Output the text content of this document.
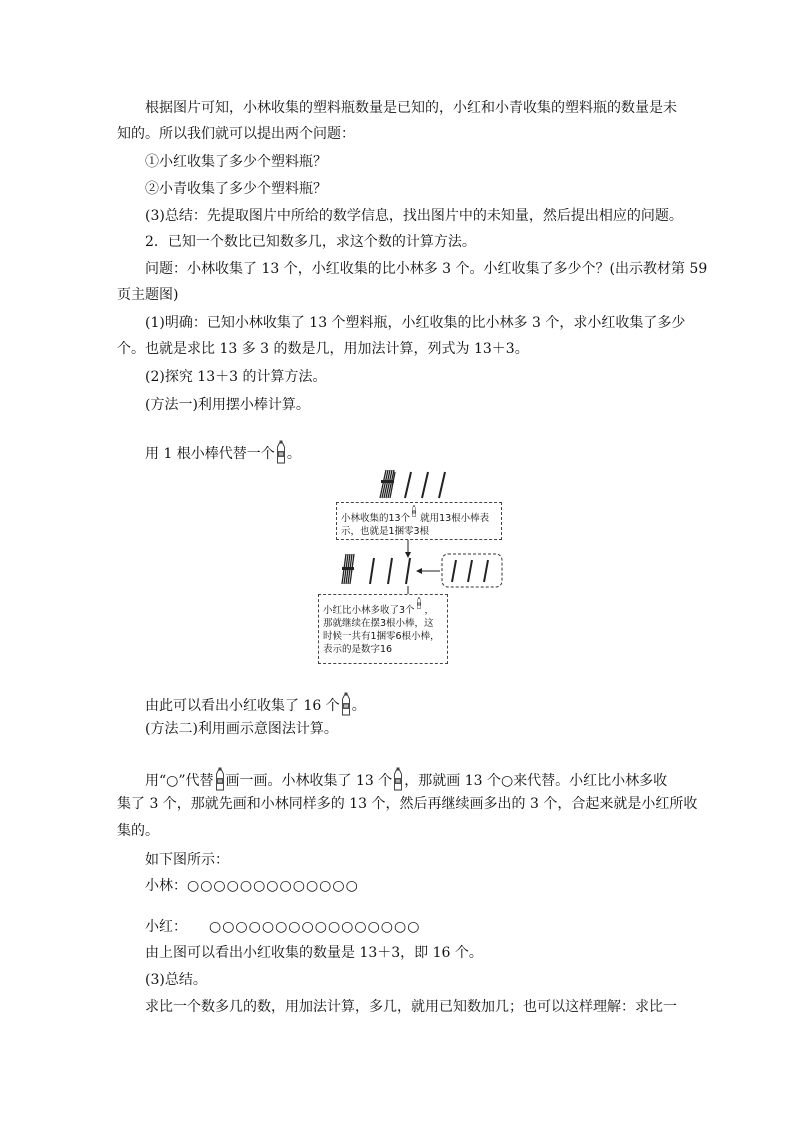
根据图片可知，小林收集的塑料瓶数量是已知的，小红和小青收集的塑料瓶的数量是未
知的。所以我们就可以提出两个问题：
①小红收集了多少个塑料瓶？
②小青收集了多少个塑料瓶？
(3)总结：先提取图片中所给的数学信息，找出图片中的未知量，然后提出相应的问题。
2．已知一个数比已知数多几，求这个数的计算方法。
问题：小林收集了 13 个，小红收集的比小林多 3 个。小红收集了多少个？(出示教材第 59
页主题图)
(1)明确：已知小林收集了 13 个塑料瓶，小红收集的比小林多 3 个，求小红收集了多少
个。也就是求比 13 多 3 的数是几，用加法计算，列式为 13＋3。
(2)探究 13＋3 的计算方法。
(方法一)利用摆小棒计算。
用 1 根小棒代替一个 。
小林收集的13个 就用13根小棒表示，也就是1捆零3根
小红比小林多收了3个 ，那就继续在摆3根小棒，这时候一共有1捆零6根小棒，表示的是数字16
由此可以看出小红收集了 16 个 。
(方法二)利用画示意图法计算。
用“○”代替 画一画。小林收集了 13 个 ，那就画 13 个○来代替。小红比小林多收
集了 3 个，那就先画和小林同样多的 13 个，然后再继续画多出的 3 个，合起来就是小红所收
集的。
如下图所示：
小林：○○○○○○○○○○○○○
小红： ○○○○○○○○○○○○○○○○
由上图可以看出小红收集的数量是 13＋3，即 16 个。
(3)总结。
求比一个数多几的数，用加法计算，多几，就用已知数加几；也可以这样理解：求比一
